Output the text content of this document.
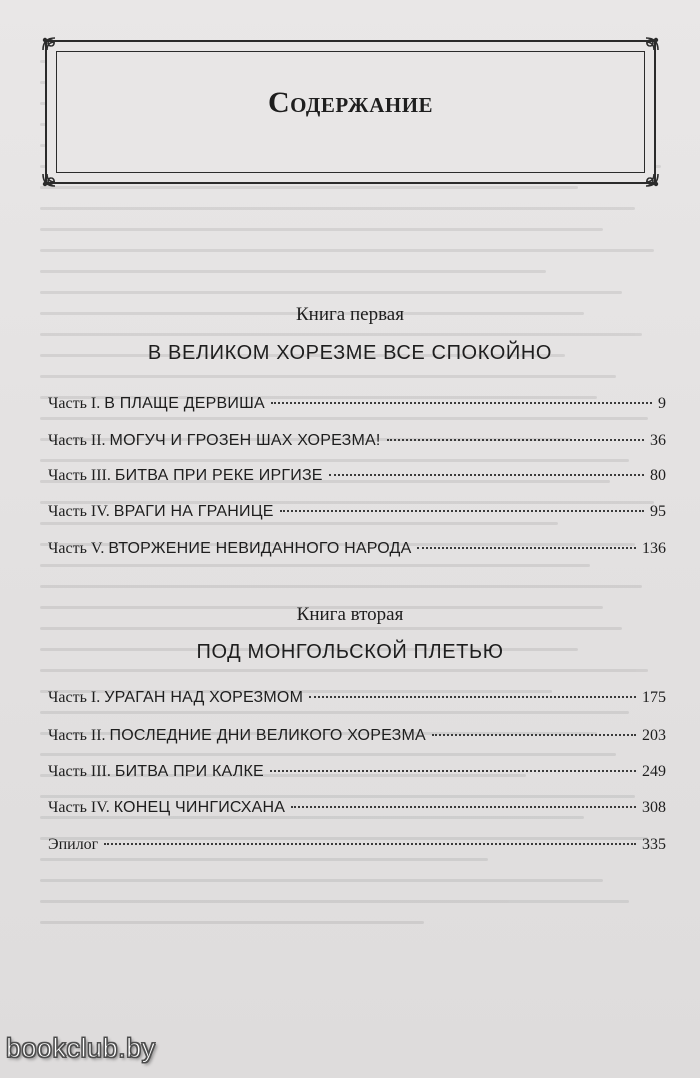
Содержание
Книга первая
В ВЕЛИКОМ ХОРЕЗМЕ ВСЕ СПОКОЙНО
Часть I. В ПЛАЩЕ ДЕРВИША	9
Часть II. МОГУЧ И ГРОЗЕН ШАХ ХОРЕЗМА!	36
Часть III. БИТВА ПРИ РЕКЕ ИРГИЗЕ	80
Часть IV. ВРАГИ НА ГРАНИЦЕ	95
Часть V. ВТОРЖЕНИЕ НЕВИДАННОГО НАРОДА	136
Книга вторая
ПОД МОНГОЛЬСКОЙ ПЛЕТЬЮ
Часть I. УРАГАН НАД ХОРЕЗМОМ	175
Часть II. ПОСЛЕДНИЕ ДНИ ВЕЛИКОГО ХОРЕЗМА	203
Часть III. БИТВА ПРИ КАЛКЕ	249
Часть IV. КОНЕЦ ЧИНГИСХАНА	308
Эпилог	335
bookclub.by
